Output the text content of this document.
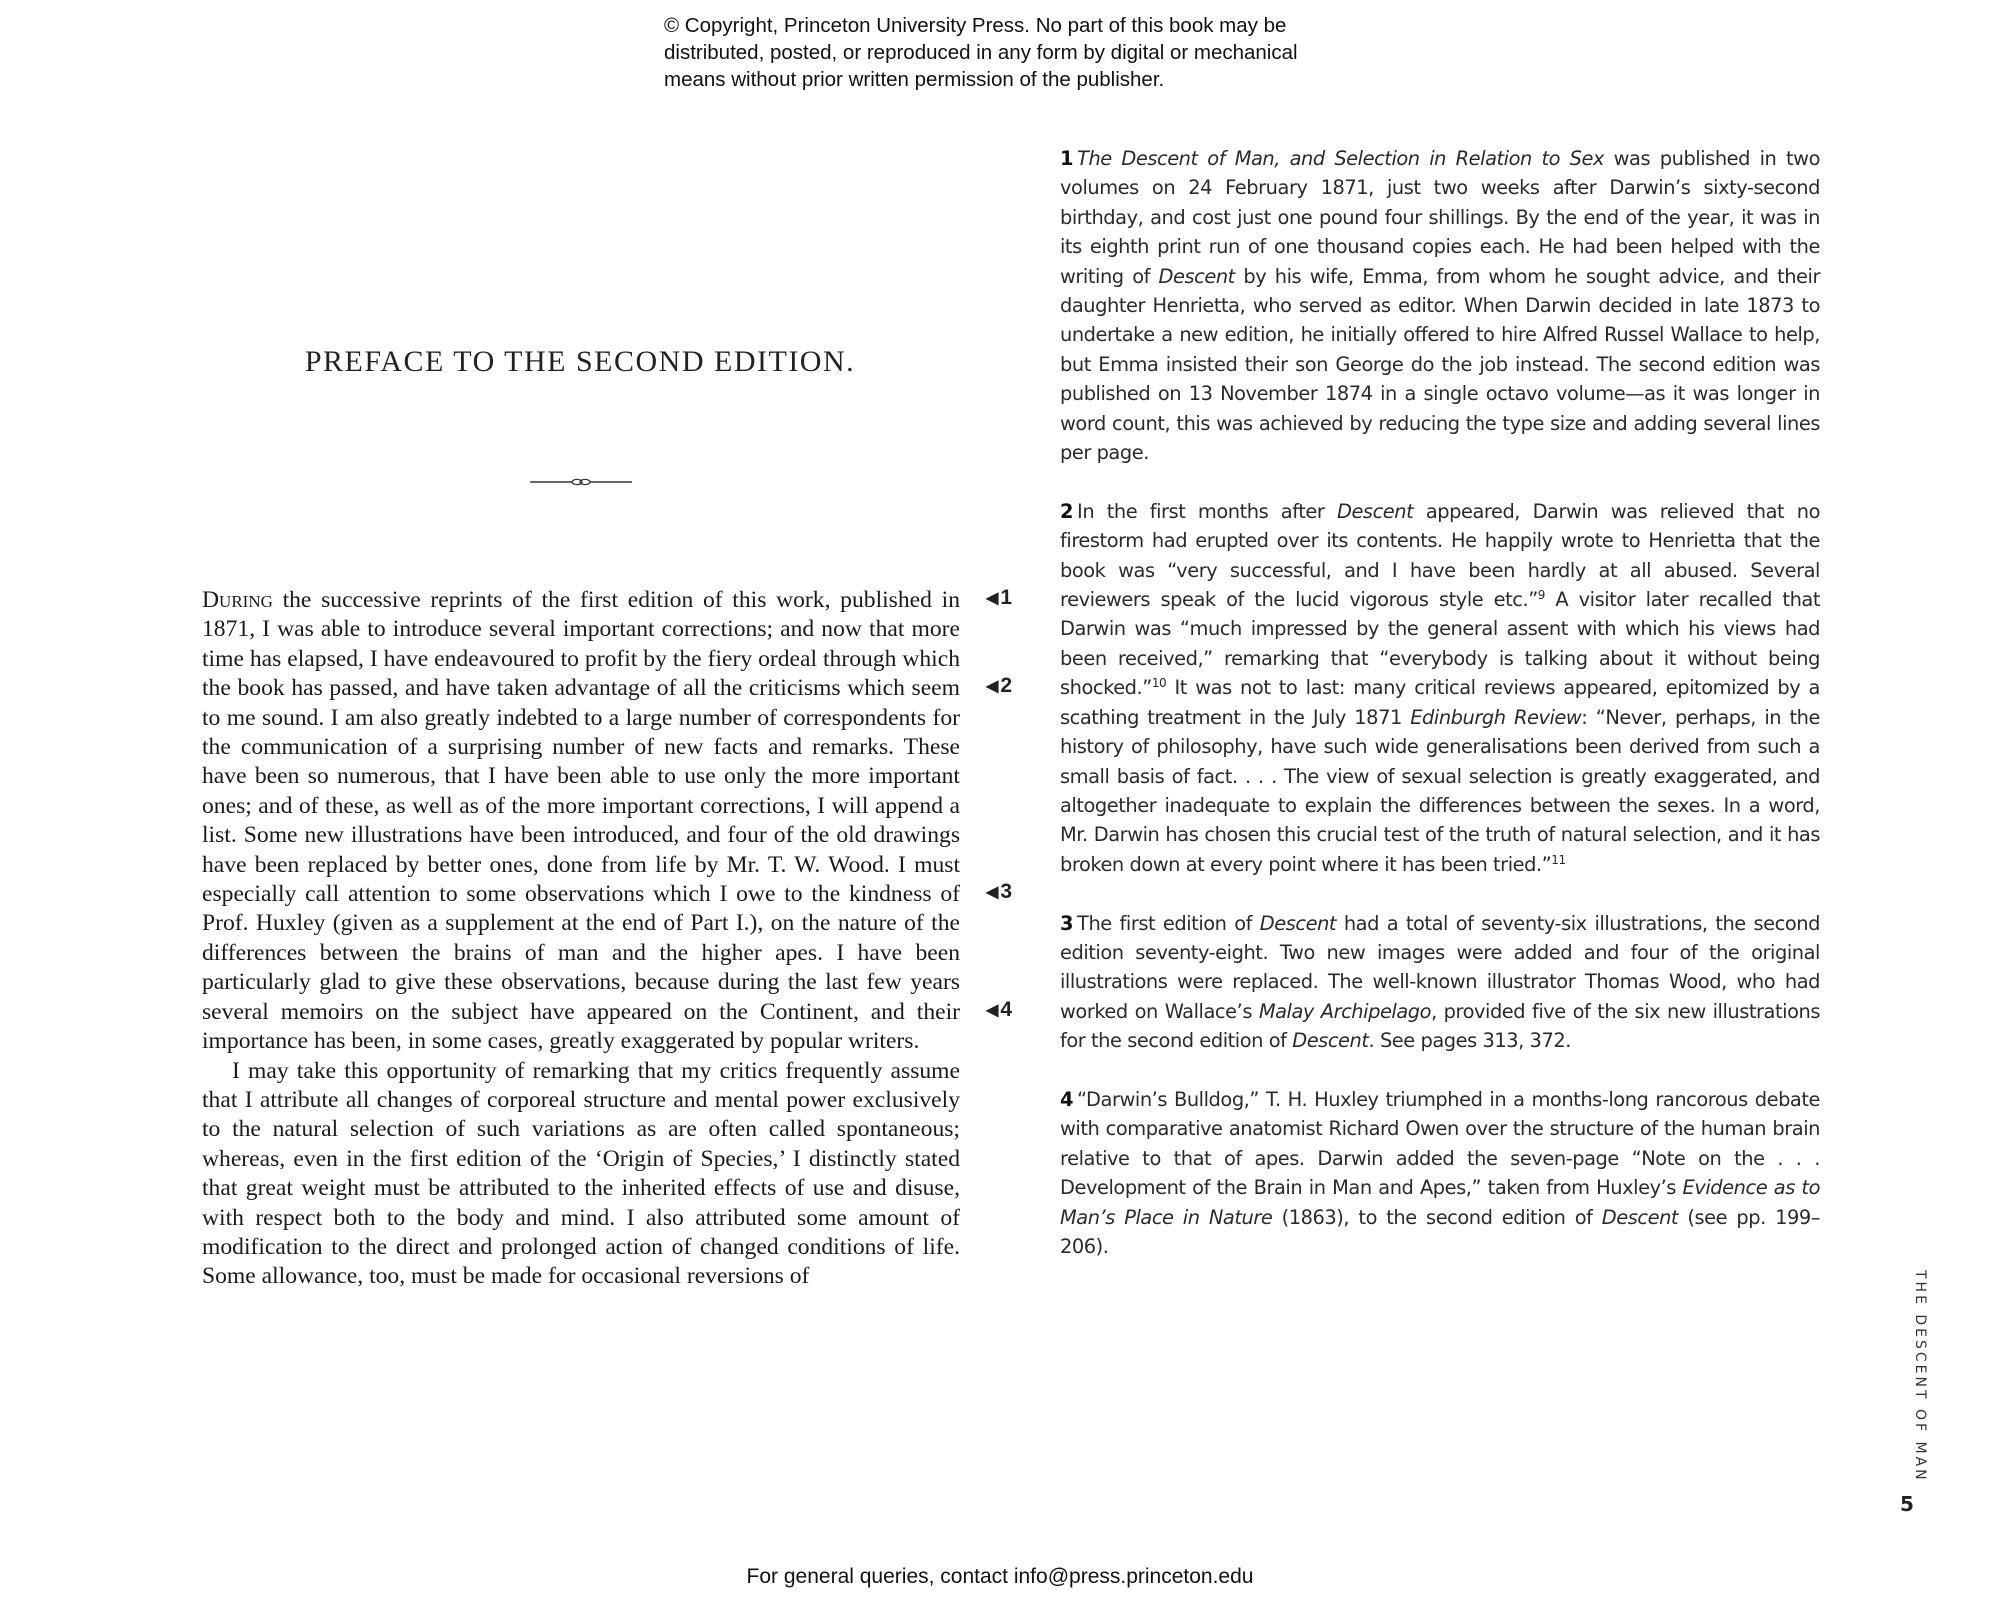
© Copyright, Princeton University Press. No part of this book may be
distributed, posted, or reproduced in any form by digital or mechanical
means without prior written permission of the publisher.
PREFACE TO THE SECOND EDITION.

During the successive reprints of the first edition of this work, published in 1871, I was able to introduce several important corrections; and now that more time has elapsed, I have endeavoured to profit by the fiery ordeal through which the book has passed, and have taken advantage of all the criticisms which seem to me sound. I am also greatly indebted to a large number of correspondents for the communication of a surprising number of new facts and remarks. These have been so numerous, that I have been able to use only the more important ones; and of these, as well as of the more important corrections, I will append a list. Some new illustrations have been introduced, and four of the old drawings have been replaced by better ones, done from life by Mr. T. W. Wood. I must especially call attention to some observations which I owe to the kindness of Prof. Huxley (given as a supplement at the end of Part I.), on the nature of the differences between the brains of man and the higher apes. I have been particularly glad to give these observations, because during the last few years several memoirs on the subject have appeared on the Continent, and their importance has been, in some cases, greatly exaggerated by popular writers.

I may take this opportunity of remarking that my critics frequently assume that I attribute all changes of corporeal structure and mental power exclusively to the natural selection of such variations as are often called spontaneous; whereas, even in the first edition of the ‘Origin of Species,’ I distinctly stated that great weight must be attributed to the inherited effects of use and disuse, with respect both to the body and mind. I also attributed some amount of modification to the direct and prolonged action of changed conditions of life. Some allowance, too, must be made for occasional reversions of

◀1
◀2
◀3
◀4

1 The Descent of Man, and Selection in Relation to Sex was published in two volumes on 24 February 1871, just two weeks after Darwin’s sixty-second birthday, and cost just one pound four shillings. By the end of the year, it was in its eighth print run of one thousand copies each. He had been helped with the writing of Descent by his wife, Emma, from whom he sought advice, and their daughter Henrietta, who served as editor. When Darwin decided in late 1873 to undertake a new edition, he initially offered to hire Alfred Russel Wallace to help, but Emma insisted their son George do the job instead. The second edition was published on 13 November 1874 in a single octavo volume—as it was longer in word count, this was achieved by reducing the type size and adding several lines per page.

2 In the first months after Descent appeared, Darwin was relieved that no firestorm had erupted over its contents. He happily wrote to Henrietta that the book was “very successful, and I have been hardly at all abused. Several reviewers speak of the lucid vigorous style etc.”$^9$ A visitor later recalled that Darwin was “much impressed by the general assent with which his views had been received,” remarking that “everybody is talking about it without being shocked.”$^{10}$ It was not to last: many critical reviews appeared, epitomized by a scathing treatment in the July 1871 Edinburgh Review: “Never, perhaps, in the history of philosophy, have such wide generalisations been derived from such a small basis of fact. . . . The view of sexual selection is greatly exaggerated, and altogether inadequate to explain the differences between the sexes. In a word, Mr. Darwin has chosen this crucial test of the truth of natural selection, and it has broken down at every point where it has been tried.”$^{11}$

3 The first edition of Descent had a total of seventy-six illustrations, the second edition seventy-eight. Two new images were added and four of the original illustrations were replaced. The well-known illustrator Thomas Wood, who had worked on Wallace’s Malay Archipelago, provided five of the six new illustrations for the second edition of Descent. See pages 313, 372.

4 “Darwin’s Bulldog,” T. H. Huxley triumphed in a months-long rancorous debate with comparative anatomist Richard Owen over the structure of the human brain relative to that of apes. Darwin added the seven-page “Note on the . . . Development of the Brain in Man and Apes,” taken from Huxley’s Evidence as to Man’s Place in Nature (1863), to the second edition of Descent (see pp. 199–206).

THE DESCENT OF MAN
5
For general queries, contact info@press.princeton.edu
